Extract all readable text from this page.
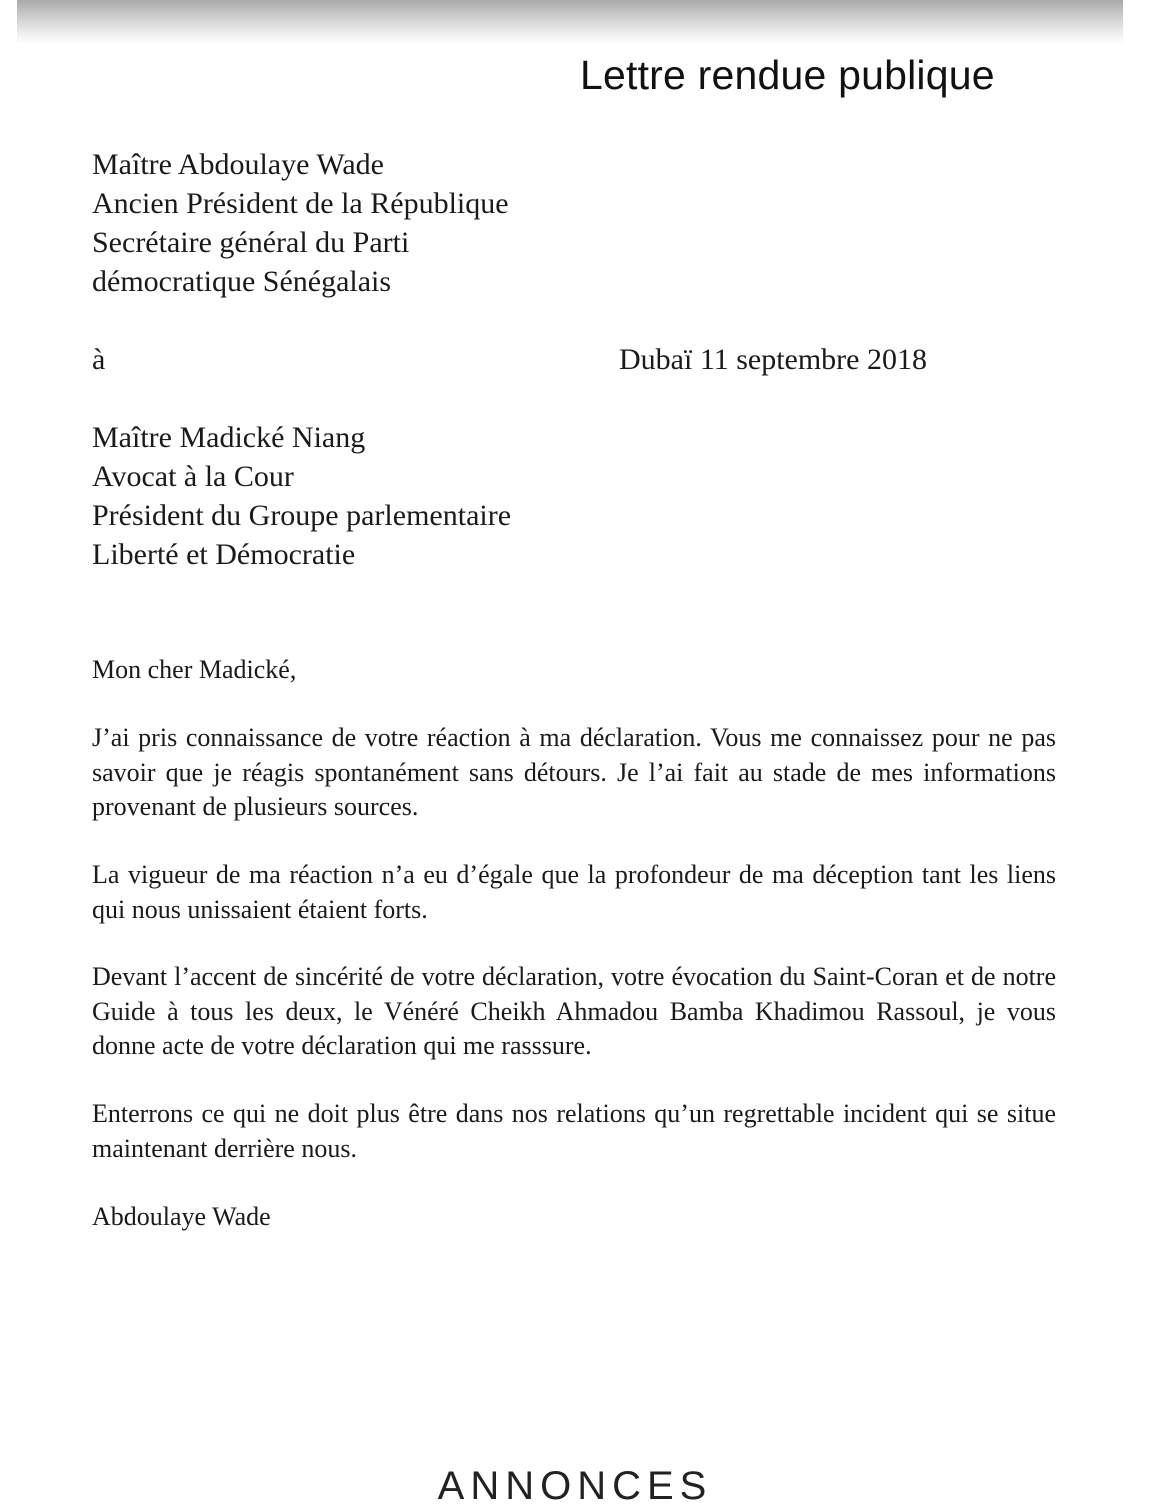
Lettre rendue publique
Maître Abdoulaye Wade
Ancien Président de la République
Secrétaire général du Parti
démocratique Sénégalais
à	Dubaï 11 septembre 2018
Maître Madické Niang
Avocat à la Cour
Président du Groupe parlementaire
Liberté et Démocratie
Mon cher Madické,

J’ai pris connaissance de votre réaction à ma déclaration. Vous me connaissez pour ne pas savoir que je réagis spontanément sans détours. Je l’ai fait au stade de mes informations provenant de plusieurs sources.

La vigueur de ma réaction n’a eu d’égale que la profondeur de ma déception tant les liens qui nous unissaient étaient forts.

Devant l’accent de sincérité de votre déclaration, votre évocation du Saint-Coran et de notre Guide à tous les deux, le Vénéré Cheikh Ahmadou Bamba Khadimou Rassoul, je vous donne acte de votre déclaration qui me rasssure.

Enterrons ce qui ne doit plus être dans nos relations qu’un regrettable incident qui se situe maintenant derrière nous.

Abdoulaye Wade
ANNONCES
